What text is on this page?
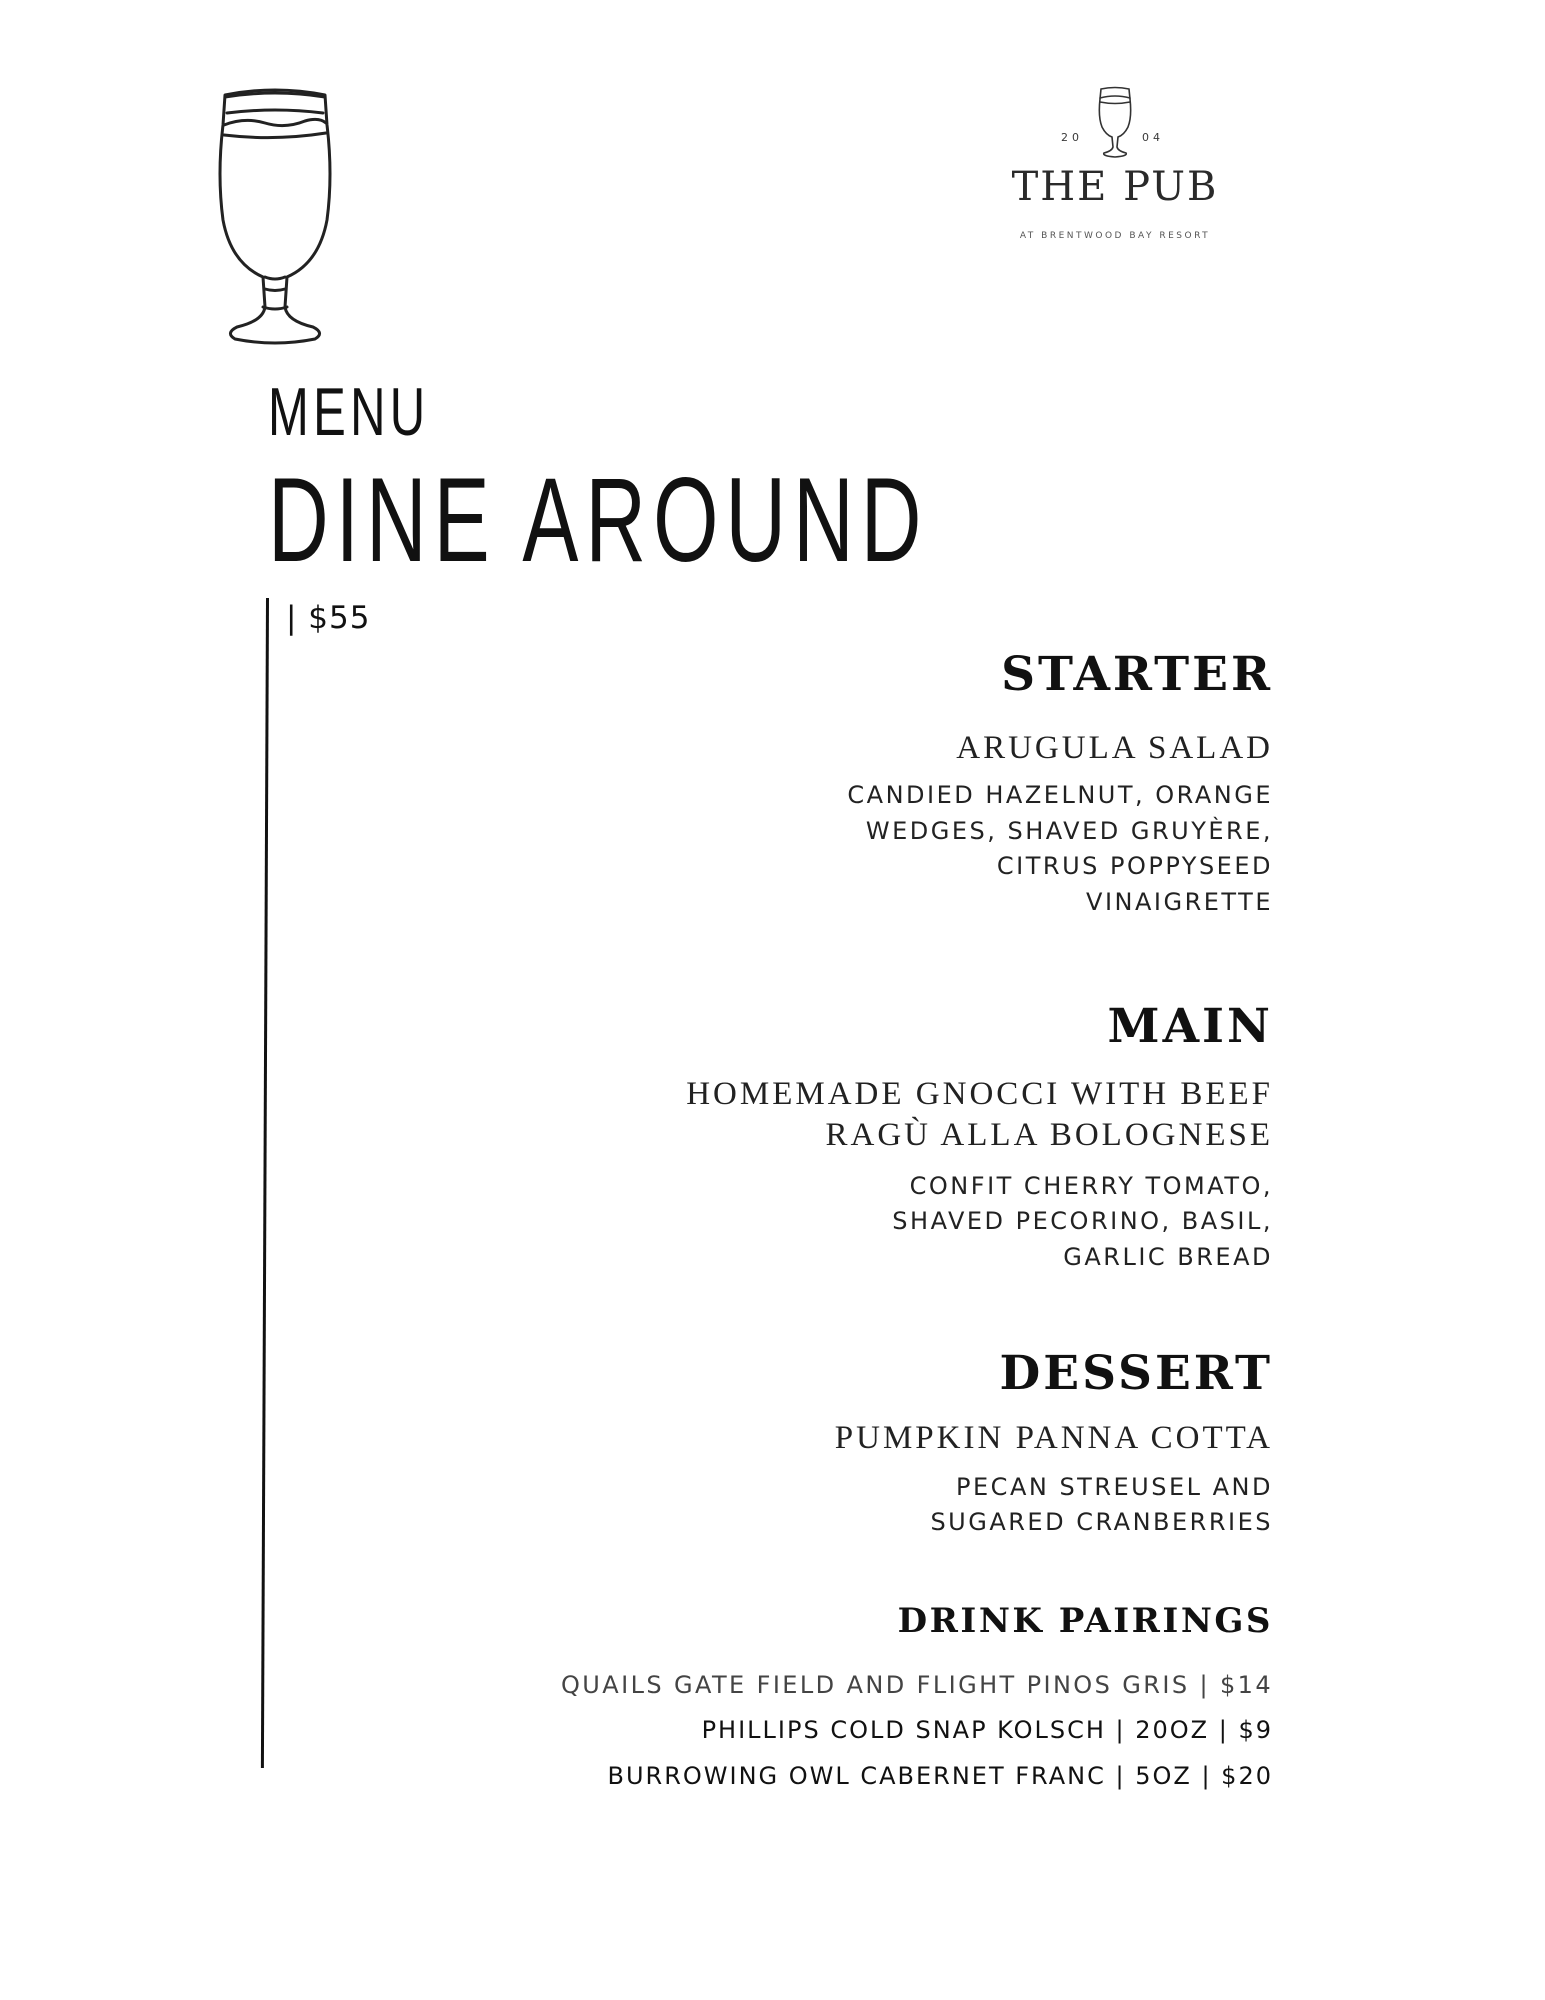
20	04
THE PUB
AT BRENTWOOD BAY RESORT
MENU
DINE AROUND
| $55
STARTER

ARUGULA SALAD

CANDIED HAZELNUT, ORANGE
WEDGES, SHAVED GRUYÈRE,
CITRUS POPPYSEED
VINAIGRETTE

MAIN

HOMEMADE GNOCCI WITH BEEF
RAGÙ ALLA BOLOGNESE

CONFIT CHERRY TOMATO,
SHAVED PECORINO, BASIL,
GARLIC BREAD

DESSERT

PUMPKIN PANNA COTTA

PECAN STREUSEL AND
SUGARED CRANBERRIES

DRINK PAIRINGS

QUAILS GATE FIELD AND FLIGHT PINOS GRIS | $14

PHILLIPS COLD SNAP KOLSCH | 20OZ | $9

BURROWING OWL CABERNET FRANC | 5OZ | $20
